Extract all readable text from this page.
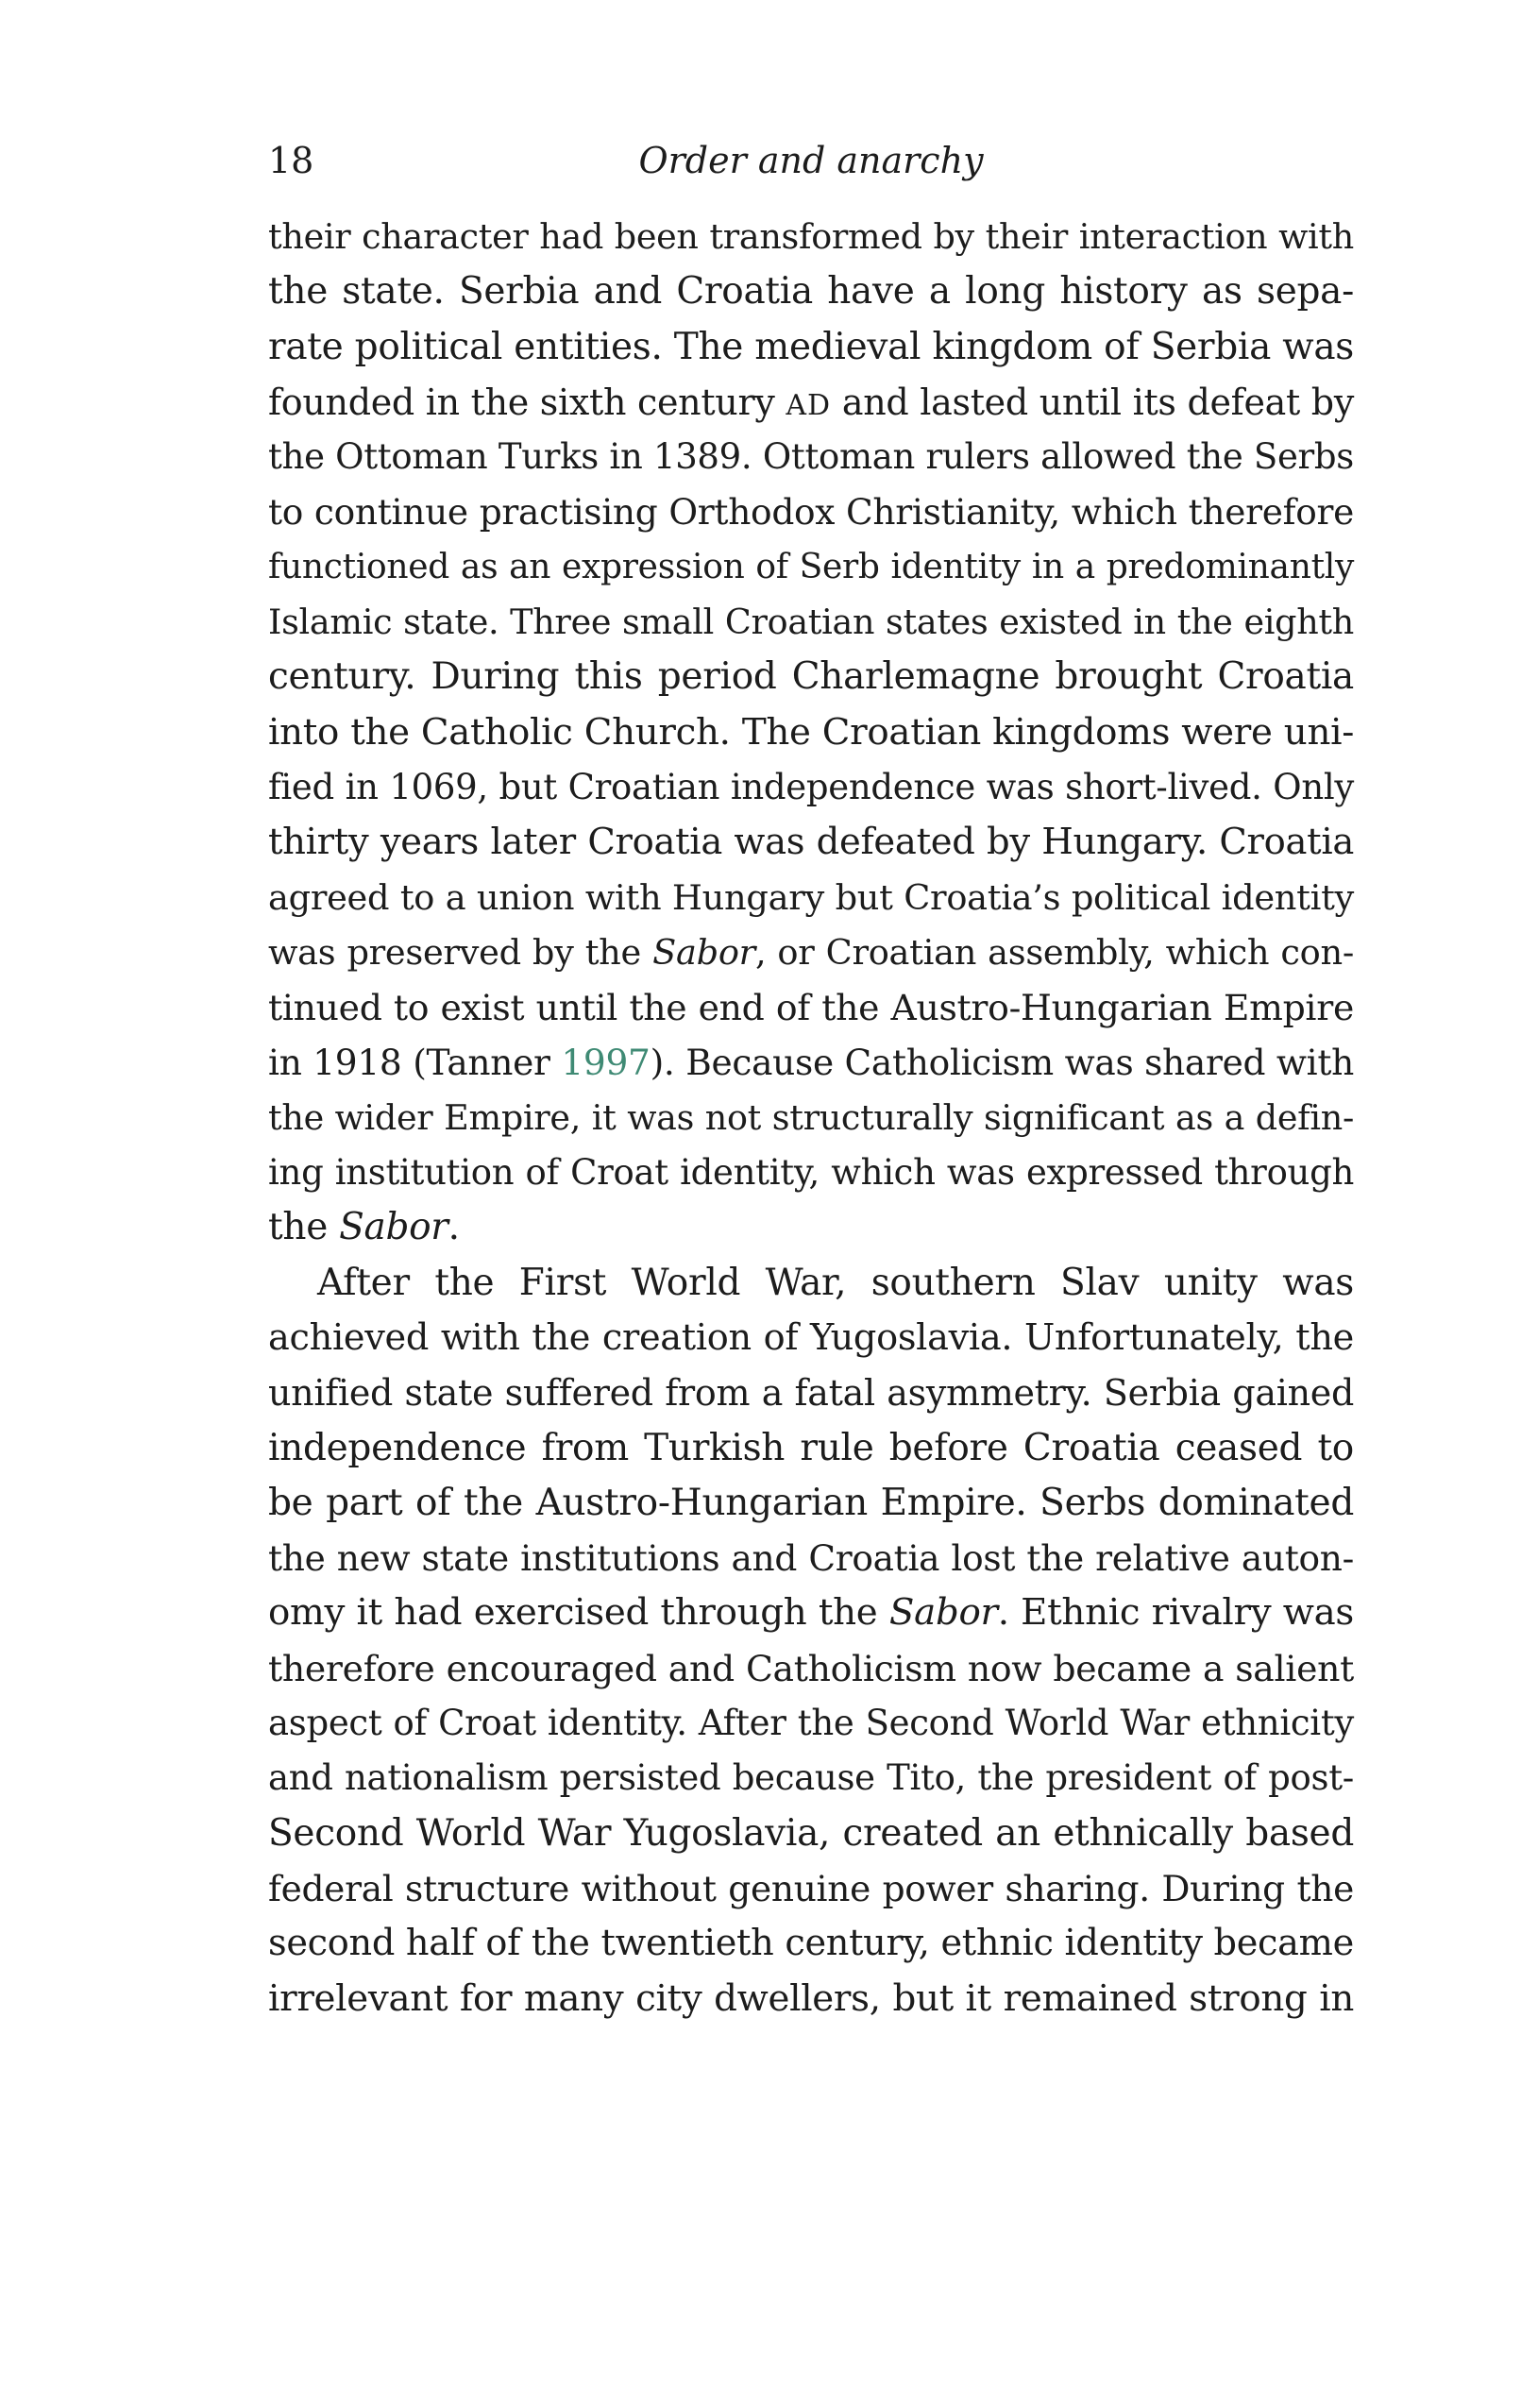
18	Order and anarchy
their character had been transformed by their interaction with
the state. Serbia and Croatia have a long history as sepa-
rate political entities. The medieval kingdom of Serbia was
founded in the sixth century AD and lasted until its defeat by
the Ottoman Turks in 1389. Ottoman rulers allowed the Serbs
to continue practising Orthodox Christianity, which therefore
functioned as an expression of Serb identity in a predominantly
Islamic state. Three small Croatian states existed in the eighth
century. During this period Charlemagne brought Croatia
into the Catholic Church. The Croatian kingdoms were uni-
fied in 1069, but Croatian independence was short-lived. Only
thirty years later Croatia was defeated by Hungary. Croatia
agreed to a union with Hungary but Croatia’s political identity
was preserved by the Sabor, or Croatian assembly, which con-
tinued to exist until the end of the Austro-Hungarian Empire
in 1918 (Tanner 1997). Because Catholicism was shared with
the wider Empire, it was not structurally significant as a defin-
ing institution of Croat identity, which was expressed through
the Sabor.
After the First World War, southern Slav unity was
achieved with the creation of Yugoslavia. Unfortunately, the
unified state suffered from a fatal asymmetry. Serbia gained
independence from Turkish rule before Croatia ceased to
be part of the Austro-Hungarian Empire. Serbs dominated
the new state institutions and Croatia lost the relative auton-
omy it had exercised through the Sabor. Ethnic rivalry was
therefore encouraged and Catholicism now became a salient
aspect of Croat identity. After the Second World War ethnicity
and nationalism persisted because Tito, the president of post-
Second World War Yugoslavia, created an ethnically based
federal structure without genuine power sharing. During the
second half of the twentieth century, ethnic identity became
irrelevant for many city dwellers, but it remained strong in
